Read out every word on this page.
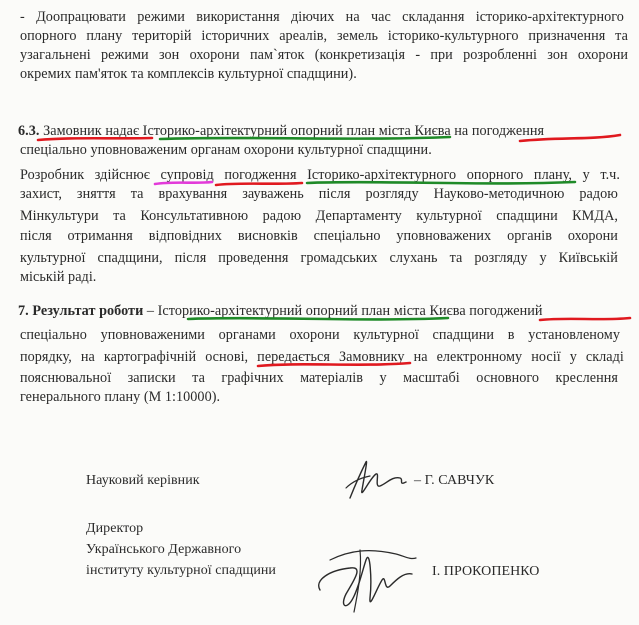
- Доопрацювати режими використання діючих на час складання історико-архітектурного
опорного плану територій історичних ареалів, земель історико-культурного призначення та
узагальнені режими зон охорони пам`яток (конкретизація - при розробленні зон охорони
окремих пам'яток та комплексів культурної спадщини).
6.3. Замовник надає Історико-архітектурний опорний план міста Києва на погодження
спеціально уповноваженим органам охорони культурної спадщини.
Розробник здійснює супровід погодження Історико-архітектурного опорного плану, у т.ч.
захист, зняття та врахування зауважень після розгляду Науково-методичною радою
Мінкультури та Консультативною радою Департаменту культурної спадщини КМДА,
після отримання відповідних висновків спеціально уповноважених органів охорони
культурної спадщини, після проведення громадських слухань та розгляду у Київській
міській раді.
7. Результат роботи – Історико-архітектурний опорний план міста Києва погоджений
спеціально уповноваженими органами охорони культурної спадщини в установленому
порядку, на картографічній основі, передається Замовнику на електронному носії у складі
пояснювальної записки та графічних матеріалів у масштабі основного креслення
генерального плану (М 1:10000).
Науковий керівник	– Г. САВЧУК
Директор
Українського Державного
інституту культурної спадщини	І. ПРОКОПЕНКО
